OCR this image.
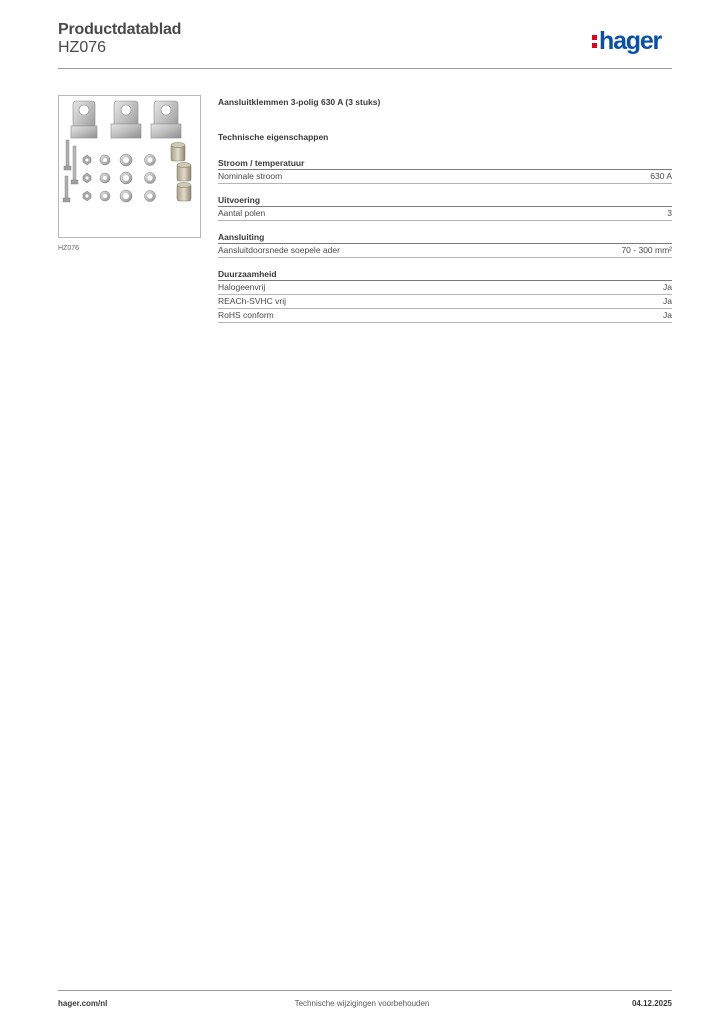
Productdatablad
HZ076	hager
HZ076
Aansluitklemmen 3-polig 630 A (3 stuks)
Technische eigenschappen
Stroom / temperatuur
Nominale stroom	630 A
Uitvoering
Aantal polen	3
Aansluiting
Aansluitdoorsnede soepele ader	70 - 300 mm²
Duurzaamheid
Halogeenvrij	Ja
REACh-SVHC vrij	Ja
RoHS conform	Ja
hager.com/nl	Technische wijzigingen voorbehouden	04.12.2025
